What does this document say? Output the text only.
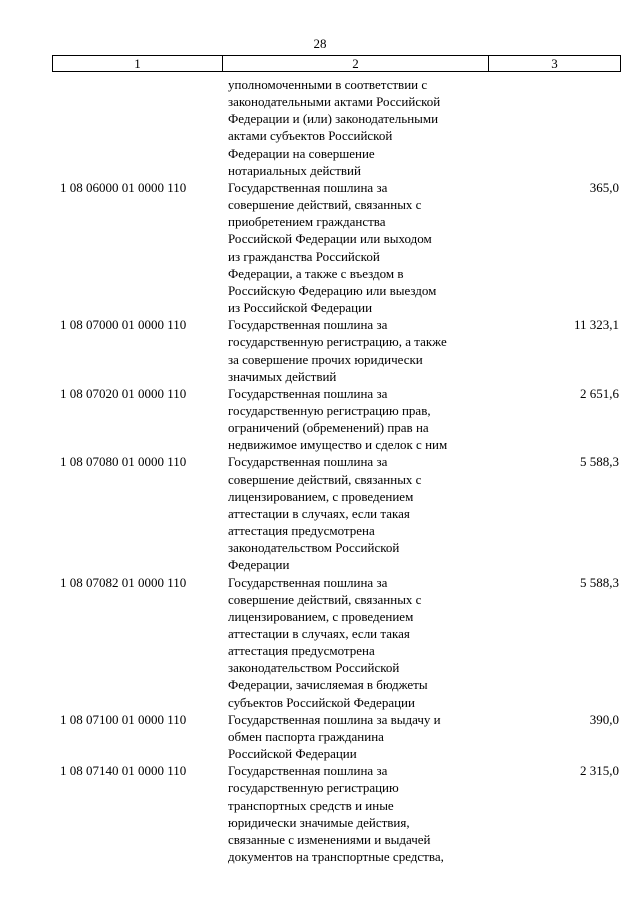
28
1	2	3
уполномоченными в соответствии с
законодательными актами Российской
Федерации и (или) законодательными
актами субъектов Российской
Федерации на совершение
нотариальных действий
1 08 06000 01 0000 110	Государственная пошлина за
совершение действий, связанных с
приобретением гражданства
Российской Федерации или выходом
из гражданства Российской
Федерации, а также с въездом в
Российскую Федерацию или выездом
из Российской Федерации
365,0
1 08 07000 01 0000 110	Государственная пошлина за
государственную регистрацию, а также
за совершение прочих юридически
значимых действий
11 323,1
1 08 07020 01 0000 110	Государственная пошлина за
государственную регистрацию прав,
ограничений (обременений) прав на
недвижимое имущество и сделок с ним
2 651,6
1 08 07080 01 0000 110	Государственная пошлина за
совершение действий, связанных с
лицензированием, с проведением
аттестации в случаях, если такая
аттестация предусмотрена
законодательством Российской
Федерации
5 588,3
1 08 07082 01 0000 110	Государственная пошлина за
совершение действий, связанных с
лицензированием, с проведением
аттестации в случаях, если такая
аттестация предусмотрена
законодательством Российской
Федерации, зачисляемая в бюджеты
субъектов Российской Федерации
5 588,3
1 08 07100 01 0000 110	Государственная пошлина за выдачу и
обмен паспорта гражданина
Российской Федерации
390,0
1 08 07140 01 0000 110	Государственная пошлина за
государственную регистрацию
транспортных средств и иные
юридически значимые действия,
связанные с изменениями и выдачей
документов на транспортные средства,
2 315,0
